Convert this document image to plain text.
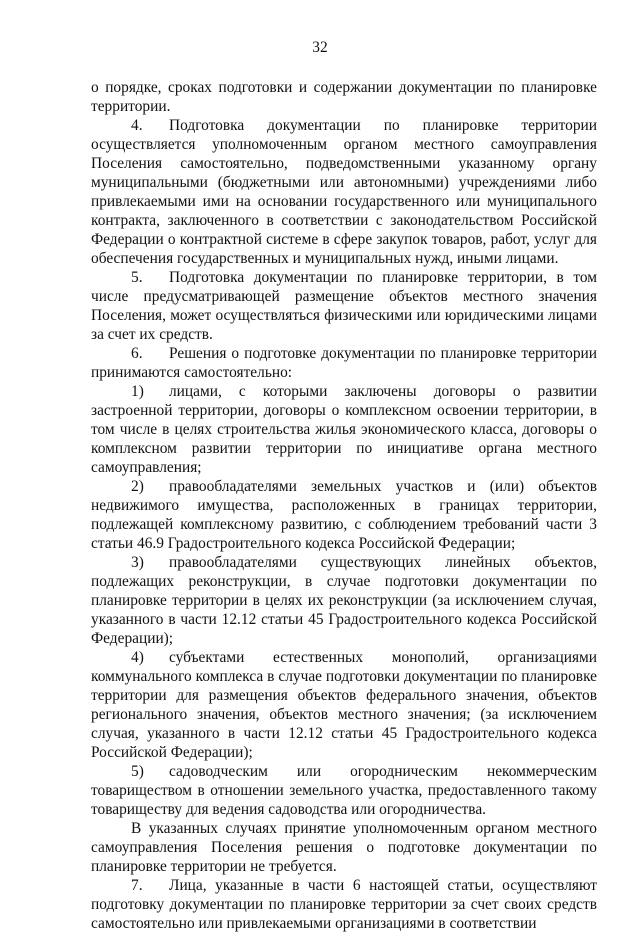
32

о порядке, сроках подготовки и содержании документации по планировке территории.

4. Подготовка документации по планировке территории осуществляется уполномоченным органом местного самоуправления Поселения самостоятельно, подведомственными указанному органу муниципальными (бюджетными или автономными) учреждениями либо привлекаемыми ими на основании государственного или муниципального контракта, заключенного в соответствии с законодательством Российской Федерации о контрактной системе в сфере закупок товаров, работ, услуг для обеспечения государственных и муниципальных нужд, иными лицами.

5. Подготовка документации по планировке территории, в том числе предусматривающей размещение объектов местного значения Поселения, может осуществляться физическими или юридическими лицами за счет их средств.

6. Решения о подготовке документации по планировке территории принимаются самостоятельно:

1) лицами, с которыми заключены договоры о развитии застроенной территории, договоры о комплексном освоении территории, в том числе в целях строительства жилья экономического класса, договоры о комплексном развитии территории по инициативе органа местного самоуправления;

2) правообладателями земельных участков и (или) объектов недвижимого имущества, расположенных в границах территории, подлежащей комплексному развитию, с соблюдением требований части 3 статьи 46.9 Градостроительного кодекса Российской Федерации;

3) правообладателями существующих линейных объектов, подлежащих реконструкции, в случае подготовки документации по планировке территории в целях их реконструкции (за исключением случая, указанного в части 12.12 статьи 45 Градостроительного кодекса Российской Федерации);

4) субъектами естественных монополий, организациями коммунального комплекса в случае подготовки документации по планировке территории для размещения объектов федерального значения, объектов регионального значения, объектов местного значения; (за исключением случая, указанного в части 12.12 статьи 45 Градостроительного кодекса Российской Федерации);

5) садоводческим или огородническим некоммерческим товариществом в отношении земельного участка, предоставленного такому товариществу для ведения садоводства или огородничества.

В указанных случаях принятие уполномоченным органом местного самоуправления Поселения решения о подготовке документации по планировке территории не требуется.

7. Лица, указанные в части 6 настоящей статьи, осуществляют подготовку документации по планировке территории за счет своих средств самостоятельно или привлекаемыми организациями в соответствии
